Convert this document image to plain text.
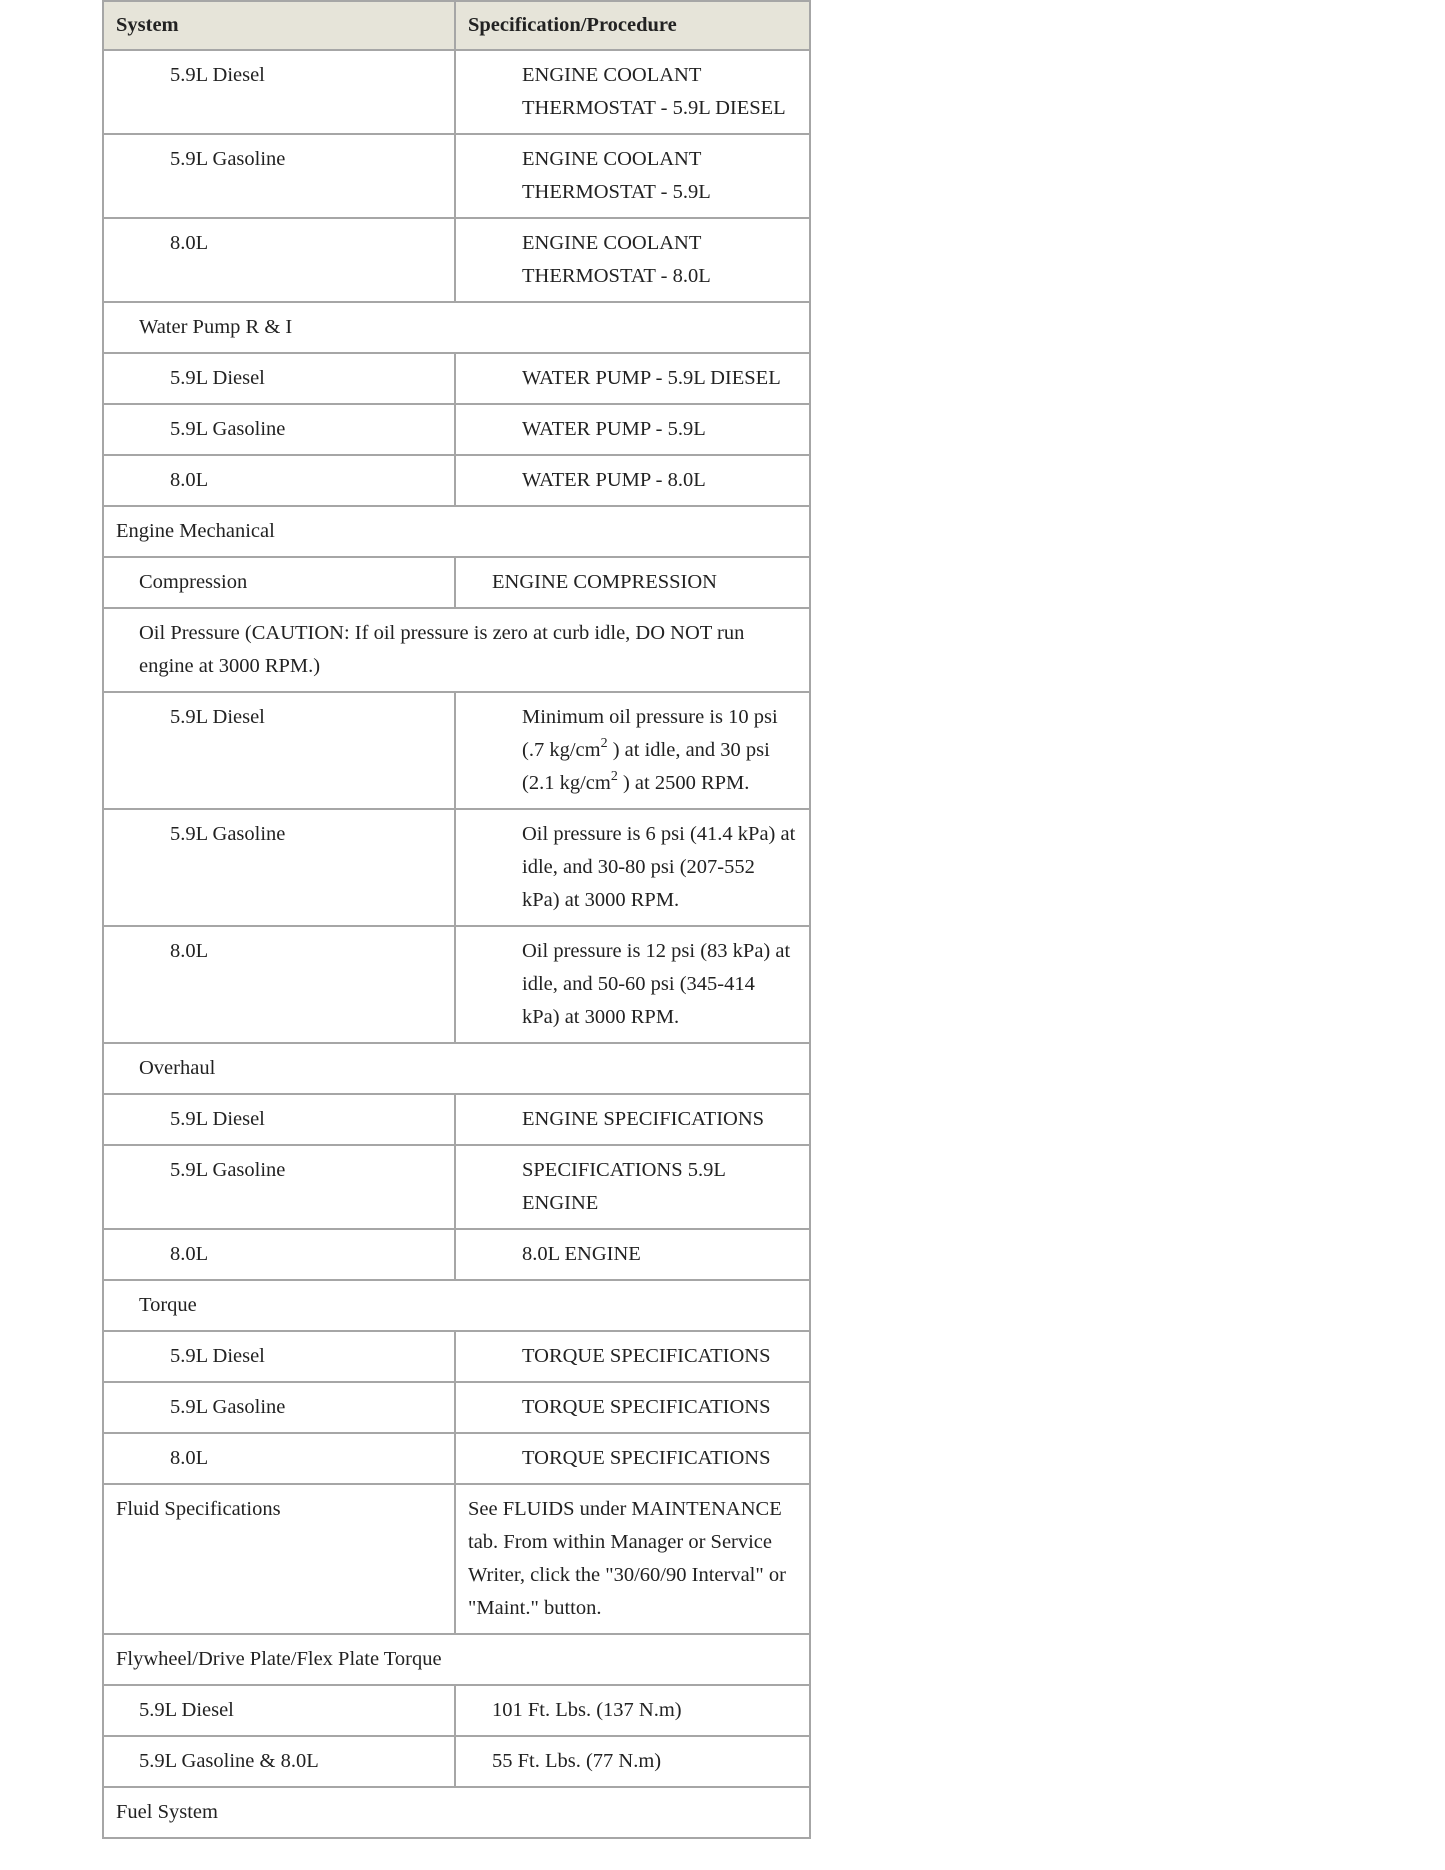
System	Specification/Procedure
5.9L Diesel	ENGINE COOLANT THERMOSTAT - 5.9L DIESEL
5.9L Gasoline	ENGINE COOLANT THERMOSTAT - 5.9L
8.0L	ENGINE COOLANT THERMOSTAT - 8.0L
Water Pump R & I	
5.9L Diesel	WATER PUMP - 5.9L DIESEL
5.9L Gasoline	WATER PUMP - 5.9L
8.0L	WATER PUMP - 8.0L
Engine Mechanical	
Compression	ENGINE COMPRESSION
Oil Pressure (CAUTION: If oil pressure is zero at curb idle, DO NOT run engine at 3000 RPM.)	
5.9L Diesel	Minimum oil pressure is 10 psi (.7 $kg/cm^2$ ) at idle, and 30 psi (2.1 $kg/cm^2$ ) at 2500 RPM.
5.9L Gasoline	Oil pressure is 6 psi (41.4 kPa) at idle, and 30-80 psi (207-552 kPa) at 3000 RPM.
8.0L	Oil pressure is 12 psi (83 kPa) at idle, and 50-60 psi (345-414 kPa) at 3000 RPM.
Overhaul	
5.9L Diesel	ENGINE SPECIFICATIONS
5.9L Gasoline	SPECIFICATIONS 5.9L ENGINE
8.0L	8.0L ENGINE
Torque	
5.9L Diesel	TORQUE SPECIFICATIONS
5.9L Gasoline	TORQUE SPECIFICATIONS
8.0L	TORQUE SPECIFICATIONS
Fluid Specifications	See FLUIDS under MAINTENANCE tab. From within Manager or Service Writer, click the "30/60/90 Interval" or "Maint." button.
Flywheel/Drive Plate/Flex Plate Torque	
5.9L Diesel	101 Ft. Lbs. (137 N.m)
5.9L Gasoline & 8.0L	55 Ft. Lbs. (77 N.m)
Fuel System	
